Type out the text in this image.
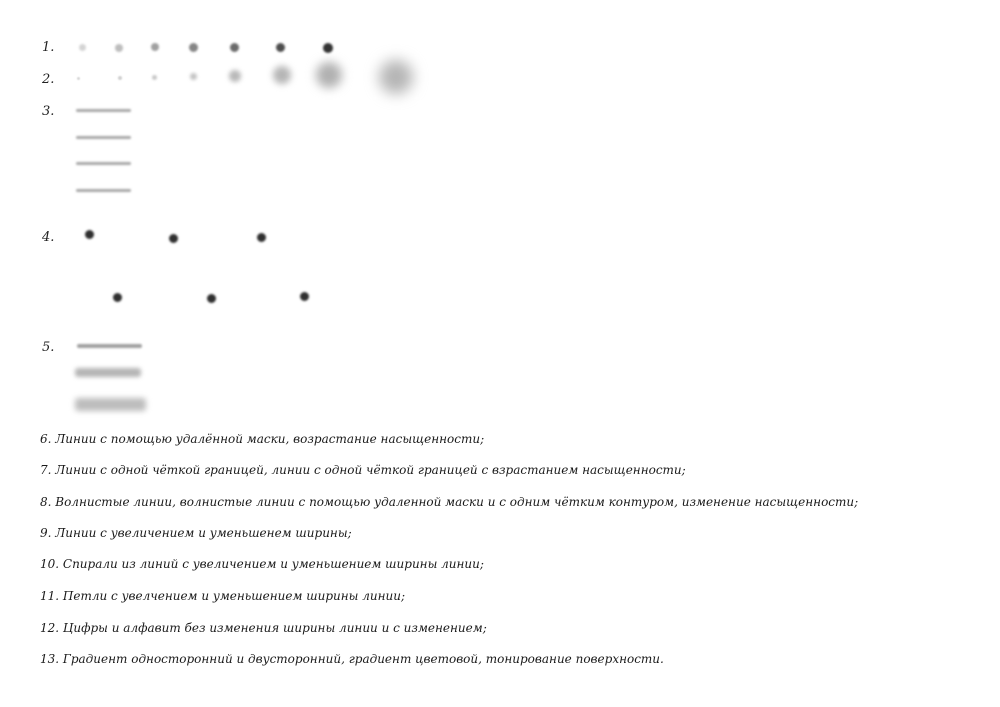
1.
2.
3.
4.
5.
6. Линии с помощью удалённой маски, возрастание насыщенности;
7. Линии с одной чёткой границей, линии с одной чёткой границей с взрастанием насыщенности;
8. Волнистые линии, волнистые линии с помощью удаленной маски и с одним чётким контуром, изменение насыщенности;
9. Линии с увеличением и уменьшенем ширины;
10. Спирали из линий с увеличением и уменьшением ширины линии;
11. Петли с увелчением и уменьшением ширины линии;
12. Цифры и алфавит без изменения ширины линии и с изменением;
13. Градиент односторонний и двусторонний, градиент цветовой, тонирование поверхности.
